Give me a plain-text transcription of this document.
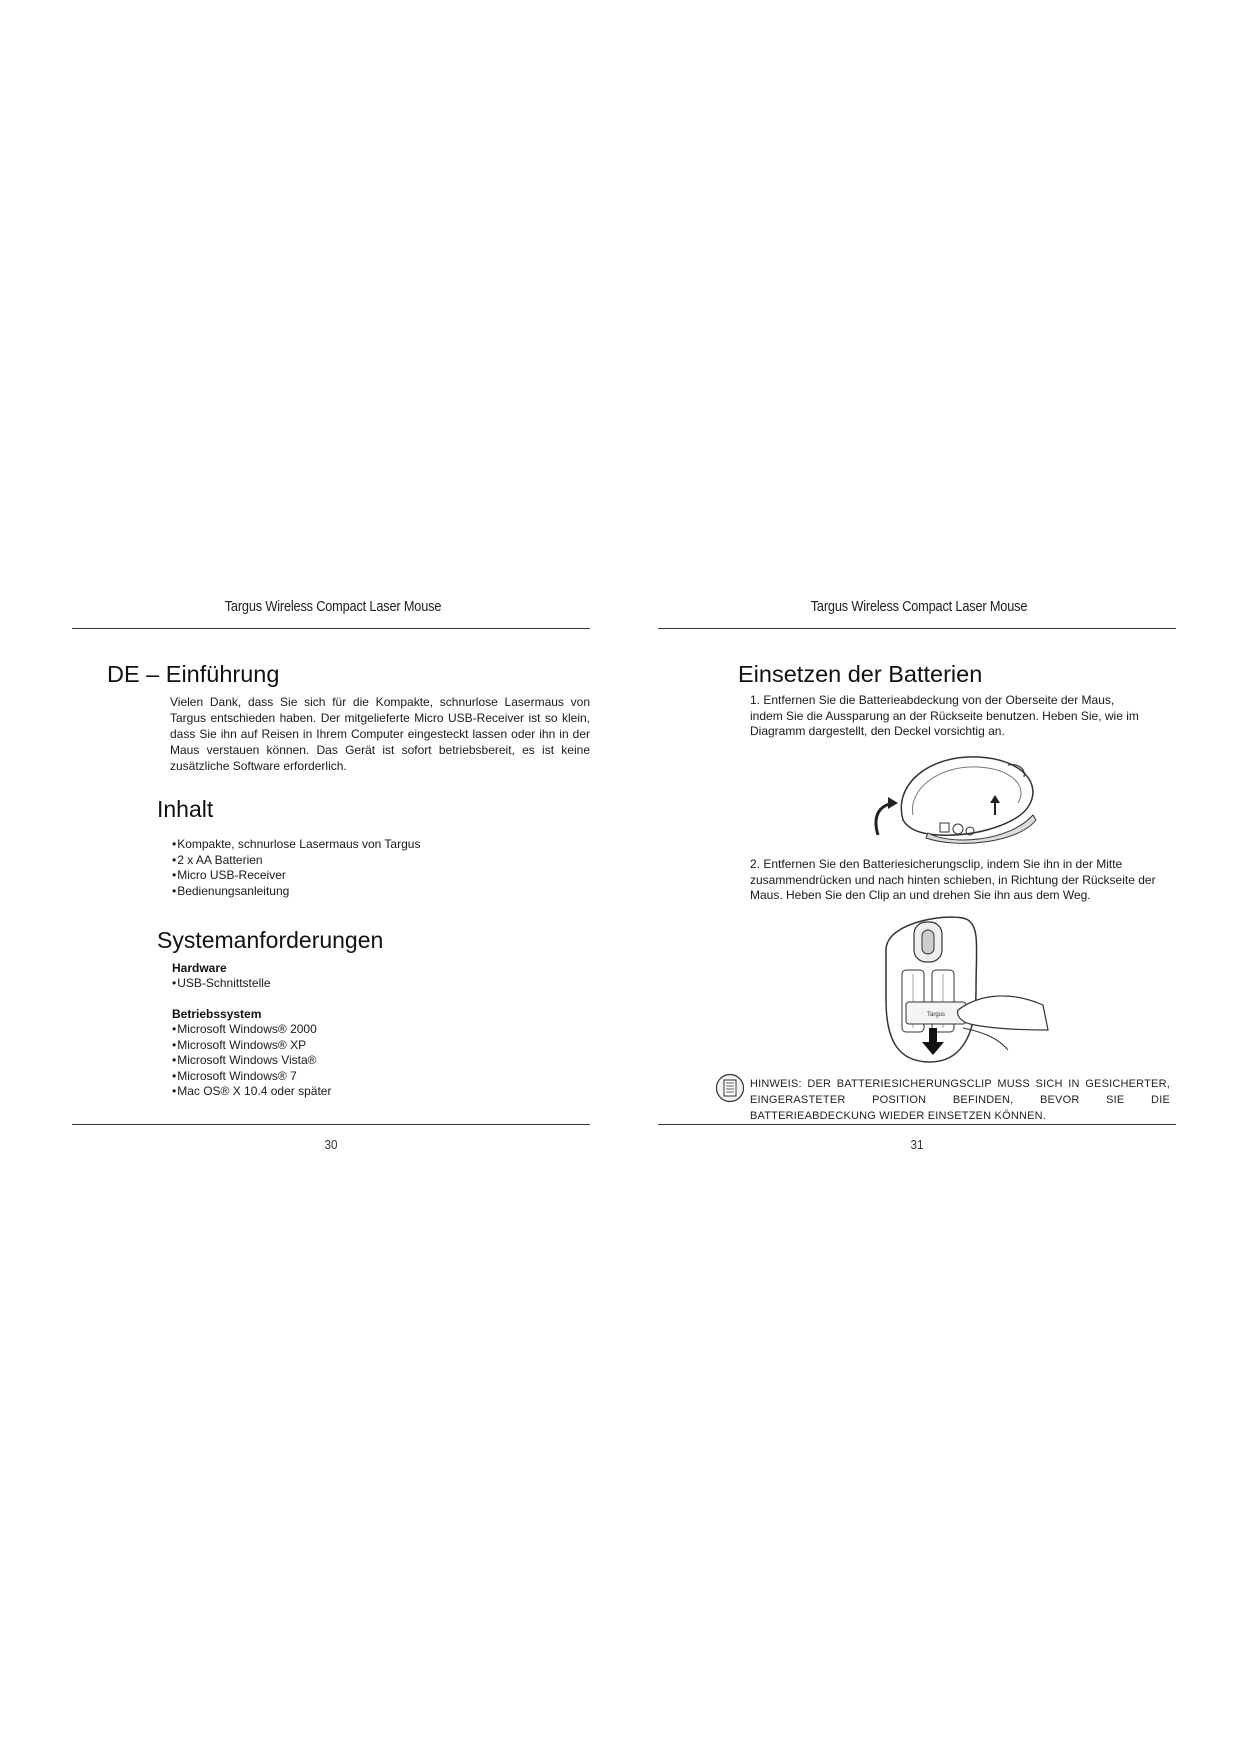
Targus Wireless Compact Laser Mouse
DE – Einführung
Vielen Dank, dass Sie sich für die Kompakte, schnurlose Lasermaus von Targus entschieden haben. Der mitgelieferte Micro USB-Receiver ist so klein, dass Sie ihn auf Reisen in Ihrem Computer eingesteckt lassen oder ihn in der Maus verstauen können. Das Gerät ist sofort betriebsbereit, es ist keine zusätzliche Software erforderlich.
Inhalt
• Kompakte, schnurlose Lasermaus von Targus
• 2 x AA Batterien
• Micro USB-Receiver
• Bedienungsanleitung
Systemanforderungen
Hardware
• USB-Schnittstelle
Betriebssystem
• Microsoft Windows® 2000
• Microsoft Windows® XP
• Microsoft Windows Vista®
• Microsoft Windows® 7
• Mac OS® X 10.4 oder später
30
Targus Wireless Compact Laser Mouse
Einsetzen der Batterien
1. Entfernen Sie die Batterieabdeckung von der Oberseite der Maus, indem Sie die Aussparung an der Rückseite benutzen. Heben Sie, wie im Diagramm dargestellt, den Deckel vorsichtig an.
2. Entfernen Sie den Batteriesicherungsclip, indem Sie ihn in der Mitte zusammendrücken und nach hinten schieben, in Richtung der Rückseite der Maus. Heben Sie den Clip an und drehen Sie ihn aus dem Weg.
Targus
HINWEIS: DER BATTERIESICHERUNGSCLIP MUSS SICH IN GESICHERTER, EINGERASTETER POSITION BEFINDEN, BEVOR SIE DIE BATTERIEABDECKUNG WIEDER EINSETZEN KÖNNEN.
31
